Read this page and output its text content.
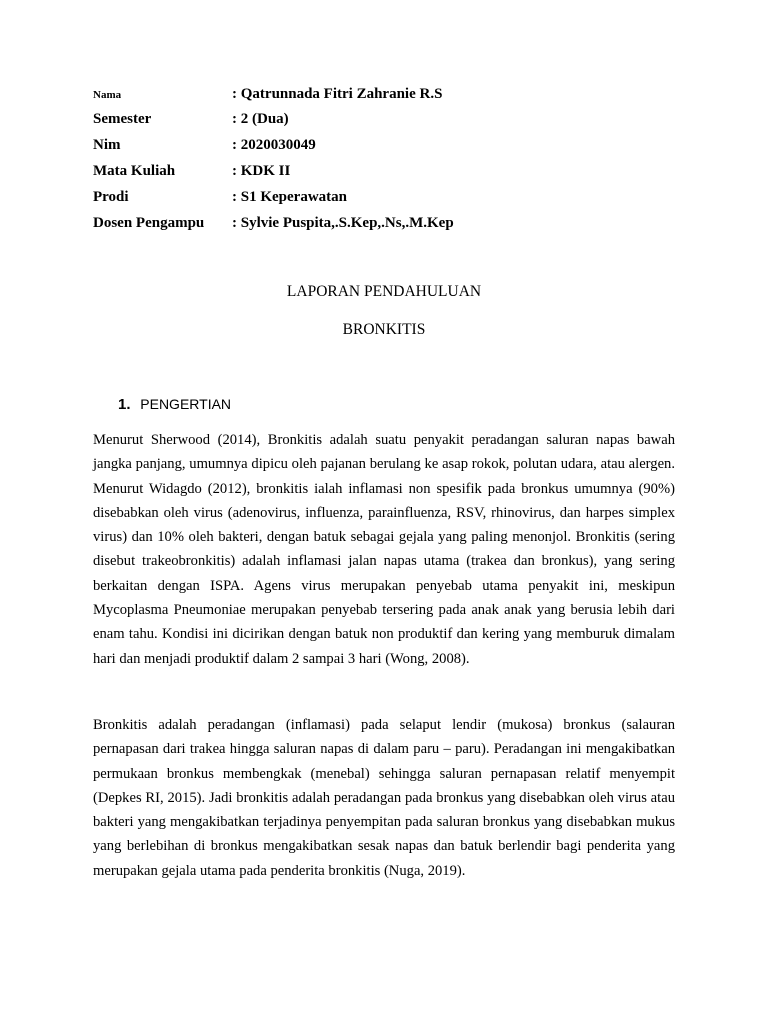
Nama	: Qatrunnada Fitri Zahranie R.S
Semester	: 2 (Dua)
Nim	: 2020030049
Mata Kuliah	: KDK II
Prodi	: S1 Keperawatan
Dosen Pengampu	: Sylvie Puspita,.S.Kep,.Ns,.M.Kep
LAPORAN PENDAHULUAN
BRONKITIS
1. PENGERTIAN

Menurut Sherwood (2014), Bronkitis adalah suatu penyakit peradangan saluran napas bawah jangka panjang, umumnya dipicu oleh pajanan berulang ke asap rokok, polutan udara, atau alergen. Menurut Widagdo (2012), bronkitis ialah inflamasi non spesifik pada bronkus umumnya (90%) disebabkan oleh virus (adenovirus, influenza, parainfluenza, RSV, rhinovirus, dan harpes simplex virus) dan 10% oleh bakteri, dengan batuk sebagai gejala yang paling menonjol. Bronkitis (sering disebut trakeobronkitis) adalah inflamasi jalan napas utama (trakea dan bronkus), yang sering berkaitan dengan ISPA. Agens virus merupakan penyebab utama penyakit ini, meskipun Mycoplasma Pneumoniae merupakan penyebab tersering pada anak anak yang berusia lebih dari enam tahu. Kondisi ini dicirikan dengan batuk non produktif dan kering yang memburuk dimalam hari dan menjadi produktif dalam 2 sampai 3 hari (Wong, 2008).

Bronkitis adalah peradangan (inflamasi) pada selaput lendir (mukosa) bronkus (salauran pernapasan dari trakea hingga saluran napas di dalam paru – paru). Peradangan ini mengakibatkan permukaan bronkus membengkak (menebal) sehingga saluran pernapasan relatif menyempit (Depkes RI, 2015). Jadi bronkitis adalah peradangan pada bronkus yang disebabkan oleh virus atau bakteri yang mengakibatkan terjadinya penyempitan pada saluran bronkus yang disebabkan mukus yang berlebihan di bronkus mengakibatkan sesak napas dan batuk berlendir bagi penderita yang merupakan gejala utama pada penderita bronkitis (Nuga, 2019).
